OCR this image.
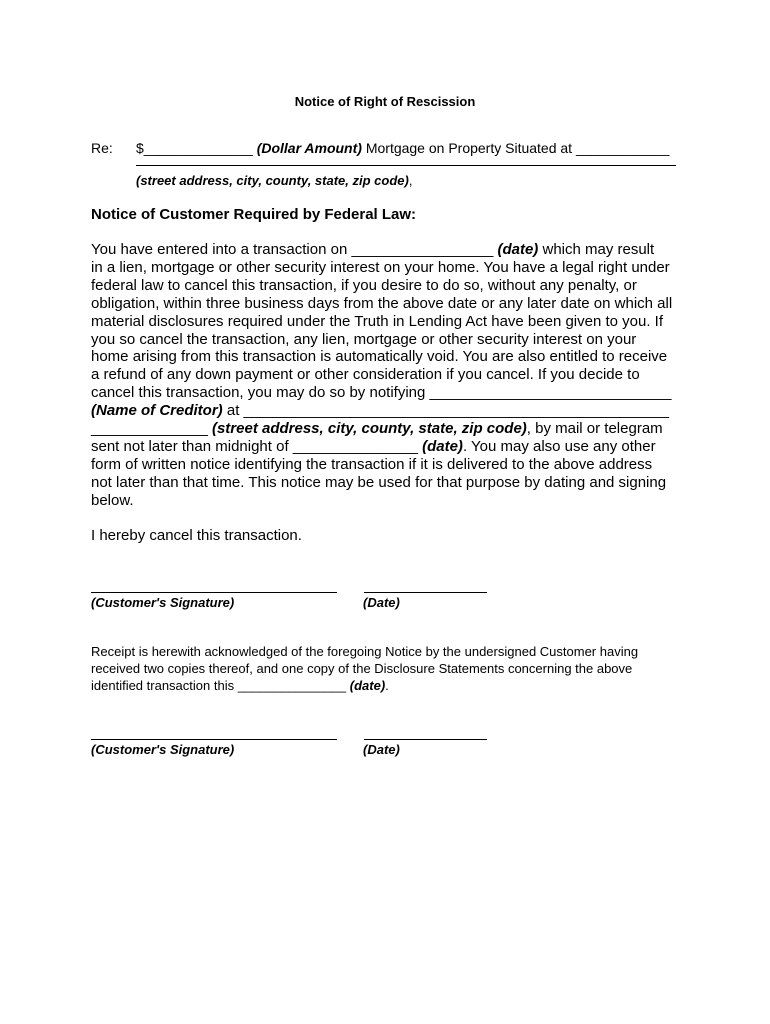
Notice of Right of Rescission
Re: $______________ (Dollar Amount) Mortgage on Property Situated at ____________
(street address, city, county, state, zip code),
Notice of Customer Required by Federal Law:
You have entered into a transaction on _________________ (date) which may result
in a lien, mortgage or other security interest on your home. You have a legal right under
federal law to cancel this transaction, if you desire to do so, without any penalty, or
obligation, within three business days from the above date or any later date on which all
material disclosures required under the Truth in Lending Act have been given to you. If
you so cancel the transaction, any lien, mortgage or other security interest on your
home arising from this transaction is automatically void. You are also entitled to receive
a refund of any down payment or other consideration if you cancel. If you decide to
cancel this transaction, you may do so by notifying _____________________________
(Name of Creditor) at ___________________________________________________
______________ (street address, city, county, state, zip code), by mail or telegram
sent not later than midnight of _______________ (date). You may also use any other
form of written notice identifying the transaction if it is delivered to the above address
not later than that time. This notice may be used for that purpose by dating and signing
below.
I hereby cancel this transaction.
(Customer's Signature)	(Date)
Receipt is herewith acknowledged of the foregoing Notice by the undersigned Customer having
received two copies thereof, and one copy of the Disclosure Statements concerning the above
identified transaction this _______________ (date).
(Customer's Signature)	(Date)
